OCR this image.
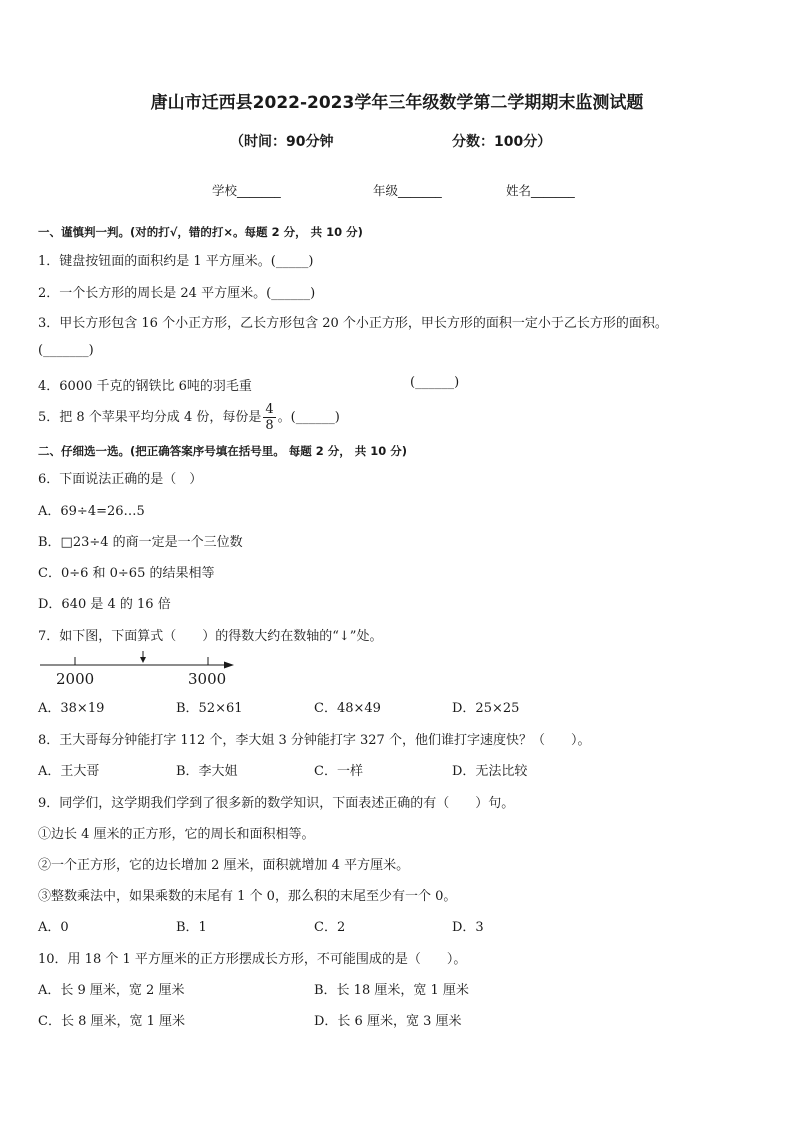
唐山市迁西县2022-2023学年三年级数学第二学期期末监测试题
（时间：90分钟	分数：100分）
学校_______	年级_______	姓名_______
一、谨慎判一判。(对的打√，错的打×。每题 2 分， 共 10 分)
1．键盘按钮面的面积约是 1 平方厘米。(_____)
2．一个长方形的周长是 24 平方厘米。(______)
3．甲长方形包含 16 个小正方形，乙长方形包含 20 个小正方形，甲长方形的面积一定小于乙长方形的面积。
(_______)
4．6000 千克的钢铁比 6吨的羽毛重	(______)
5．把 8 个苹果平均分成 4 份，每份是 $\frac{4}{8}$ 。(______)
二、仔细选一选。(把正确答案序号填在括号里。 每题 2 分， 共 10 分)
6．下面说法正确的是（　）
A．69÷4=26…5
B．□23÷4 的商一定是一个三位数
C．0÷6 和 0÷65 的结果相等
D．640 是 4 的 16 倍
7．如下图，下面算式（　　）的得数大约在数轴的“↓”处。
2000	3000
A．38×19	B．52×61	C．48×49	D．25×25
8．王大哥每分钟能打字 112 个，李大姐 3 分钟能打字 327 个，他们谁打字速度快？（　　）。
A．王大哥	B．李大姐	C．一样	D．无法比较
9．同学们，这学期我们学到了很多新的数学知识，下面表述正确的有（　　）句。
①边长 4 厘米的正方形，它的周长和面积相等。
②一个正方形，它的边长增加 2 厘米，面积就增加 4 平方厘米。
③整数乘法中，如果乘数的末尾有 1 个 0，那么积的末尾至少有一个 0。
A．0	B．1	C．2	D．3
10．用 18 个 1 平方厘米的正方形摆成长方形，不可能围成的是（　　）。
A．长 9 厘米，宽 2 厘米	B．长 18 厘米，宽 1 厘米
C．长 8 厘米，宽 1 厘米	D．长 6 厘米，宽 3 厘米
